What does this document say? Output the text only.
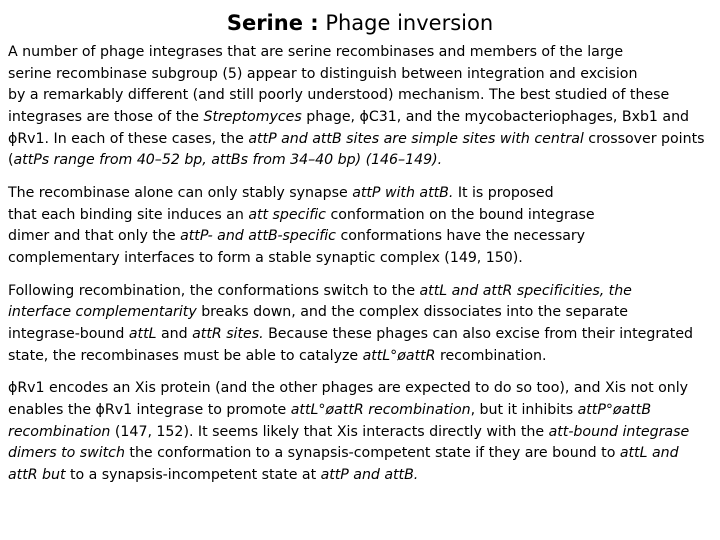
Serine : Phage inversion
A number of phage integrases that are serine recombinases and members of the large
serine recombinase subgroup (5) appear to distinguish between integration and excision
by a remarkably different (and still poorly understood) mechanism. The best studied of these
integrases are those of the Streptomyces phage, ϕC31, and the mycobacteriophages, Bxb1 and
ϕRv1. In each of these cases, the attP and attB sites are simple sites with central crossover points
(attPs range from 40–52 bp, attBs from 34–40 bp) (146–149).
The recombinase alone can only stably synapse attP with attB. It is proposed
that each binding site induces an att specific conformation on the bound integrase
dimer and that only the attP- and attB-specific conformations have the necessary
complementary interfaces to form a stable synaptic complex (149, 150).
Following recombination, the conformations switch to the attL and attR specificities, the
interface complementarity breaks down, and the complex dissociates into the separate
integrase-bound attL and attR sites. Because these phages can also excise from their integrated
state, the recombinases must be able to catalyze attL°øattR recombination.
ϕRv1 encodes an Xis protein (and the other phages are expected to do so too), and Xis not only
enables the ϕRv1 integrase to promote attL°øattR recombination, but it inhibits attP°øattB
recombination (147, 152). It seems likely that Xis interacts directly with the att-bound integrase
dimers to switch the conformation to a synapsis-competent state if they are bound to attL and
attR but to a synapsis-incompetent state at attP and attB.
